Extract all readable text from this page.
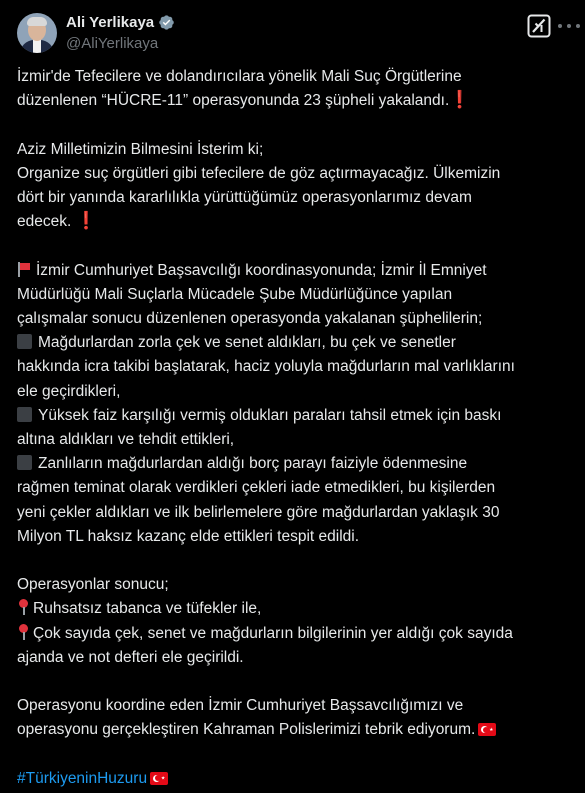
Ali Yerlikaya
@AliYerlikaya
İzmir'de Tefecilere ve dolandırıcılara yönelik Mali Suç Örgütlerine
düzenlenen “HÜCRE-11” operasyonunda 23 şüpheli yakalandı.❗
Aziz Milletimizin Bilmesini İsterim ki;
Organize suç örgütleri gibi tefecilere de göz açtırmayacağız. Ülkemizin
dört bir yanında kararlılıkla yürüttüğümüz operasyonlarımız devam
edecek. ❗
İzmir Cumhuriyet Başsavcılığı koordinasyonunda; İzmir İl Emniyet
Müdürlüğü Mali Suçlarla Mücadele Şube Müdürlüğünce yapılan
çalışmalar sonucu düzenlenen operasyonda yakalanan şüphelilerin;
Mağdurlardan zorla çek ve senet aldıkları, bu çek ve senetler
hakkında icra takibi başlatarak, haciz yoluyla mağdurların mal varlıklarını
ele geçirdikleri,
Yüksek faiz karşılığı vermiş oldukları paraları tahsil etmek için baskı
altına aldıkları ve tehdit ettikleri,
Zanlıların mağdurlardan aldığı borç parayı faiziyle ödenmesine
rağmen teminat olarak verdikleri çekleri iade etmedikleri, bu kişilerden
yeni çekler aldıkları ve ilk belirlemelere göre mağdurlardan yaklaşık 30
Milyon TL haksız kazanç elde ettikleri tespit edildi.
Operasyonlar sonucu;
Ruhsatsız tabanca ve tüfekler ile,
Çok sayıda çek, senet ve mağdurların bilgilerinin yer aldığı çok sayıda
ajanda ve not defteri ele geçirildi.
Operasyonu koordine eden İzmir Cumhuriyet Başsavcılığımızı ve
operasyonu gerçekleştiren Kahraman Polislerimizi tebrik ediyorum.
#TürkiyeninHuzuru
